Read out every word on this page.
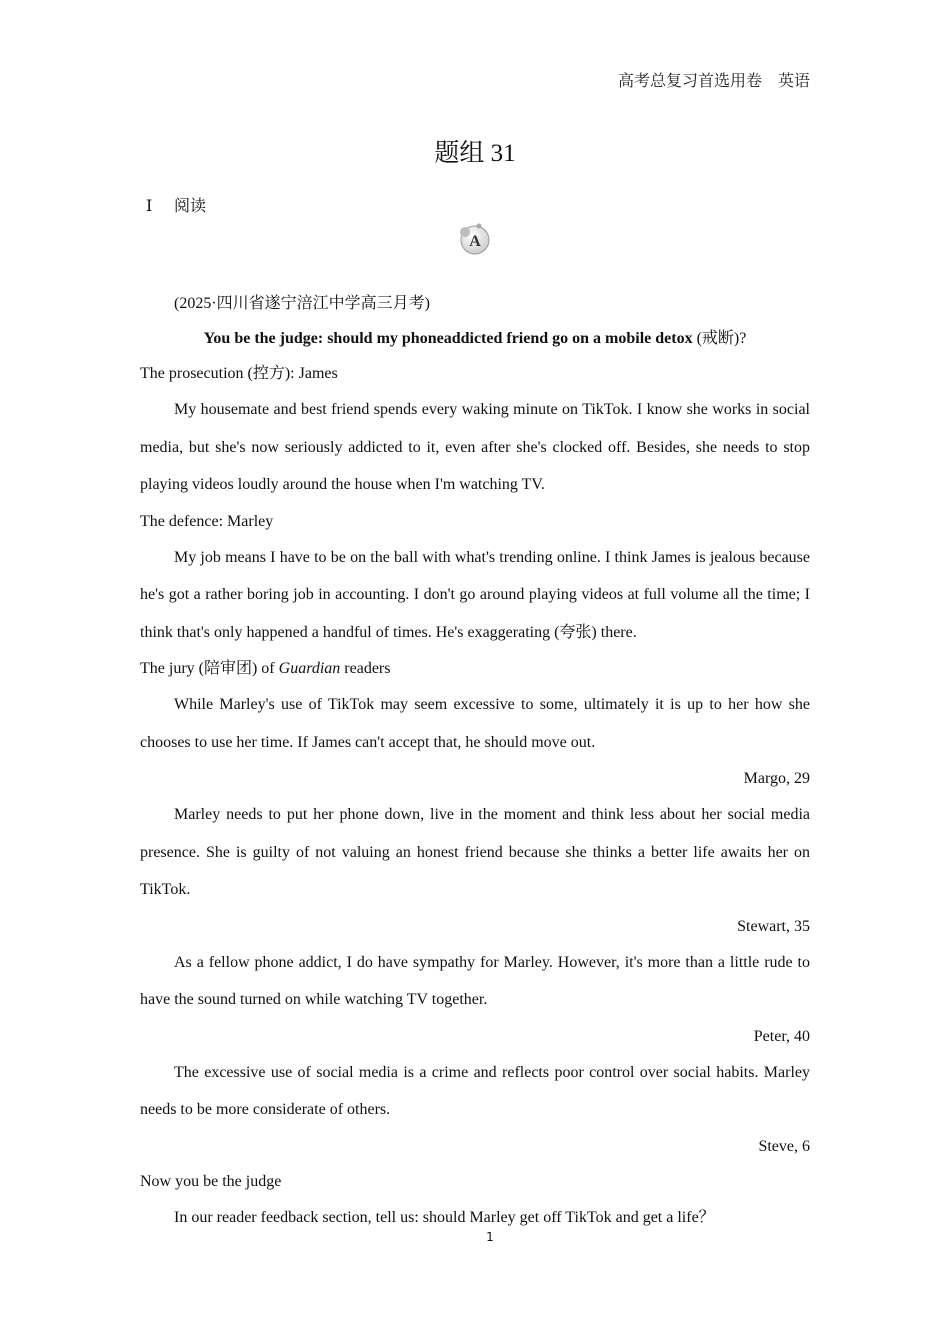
高考总复习首选用卷 英语
题组 31
Ⅰ 阅读
A
(2025·四川省遂宁涪江中学高三月考)
You be the judge: should my phoneaddicted friend go on a mobile detox (戒断)?
The prosecution (控方): James
My housemate and best friend spends every waking minute on TikTok. I know she works in social media, but she's now seriously addicted to it, even after she's clocked off. Besides, she needs to stop playing videos loudly around the house when I'm watching TV.
The defence: Marley
My job means I have to be on the ball with what's trending online. I think James is jealous because he's got a rather boring job in accounting. I don't go around playing videos at full volume all the time; I think that's only happened a handful of times. He's exaggerating (夸张) there.
The jury (陪审团) of Guardian readers
While Marley's use of TikTok may seem excessive to some, ultimately it is up to her how she chooses to use her time. If James can't accept that, he should move out.
Margo, 29
Marley needs to put her phone down, live in the moment and think less about her social media presence. She is guilty of not valuing an honest friend because she thinks a better life awaits her on TikTok.
Stewart, 35
As a fellow phone addict, I do have sympathy for Marley. However, it's more than a little rude to have the sound turned on while watching TV together.
Peter, 40
The excessive use of social media is a crime and reflects poor control over social habits. Marley needs to be more considerate of others.
Steve, 6
Now you be the judge
In our reader feedback section, tell us: should Marley get off TikTok and get a life？
1
